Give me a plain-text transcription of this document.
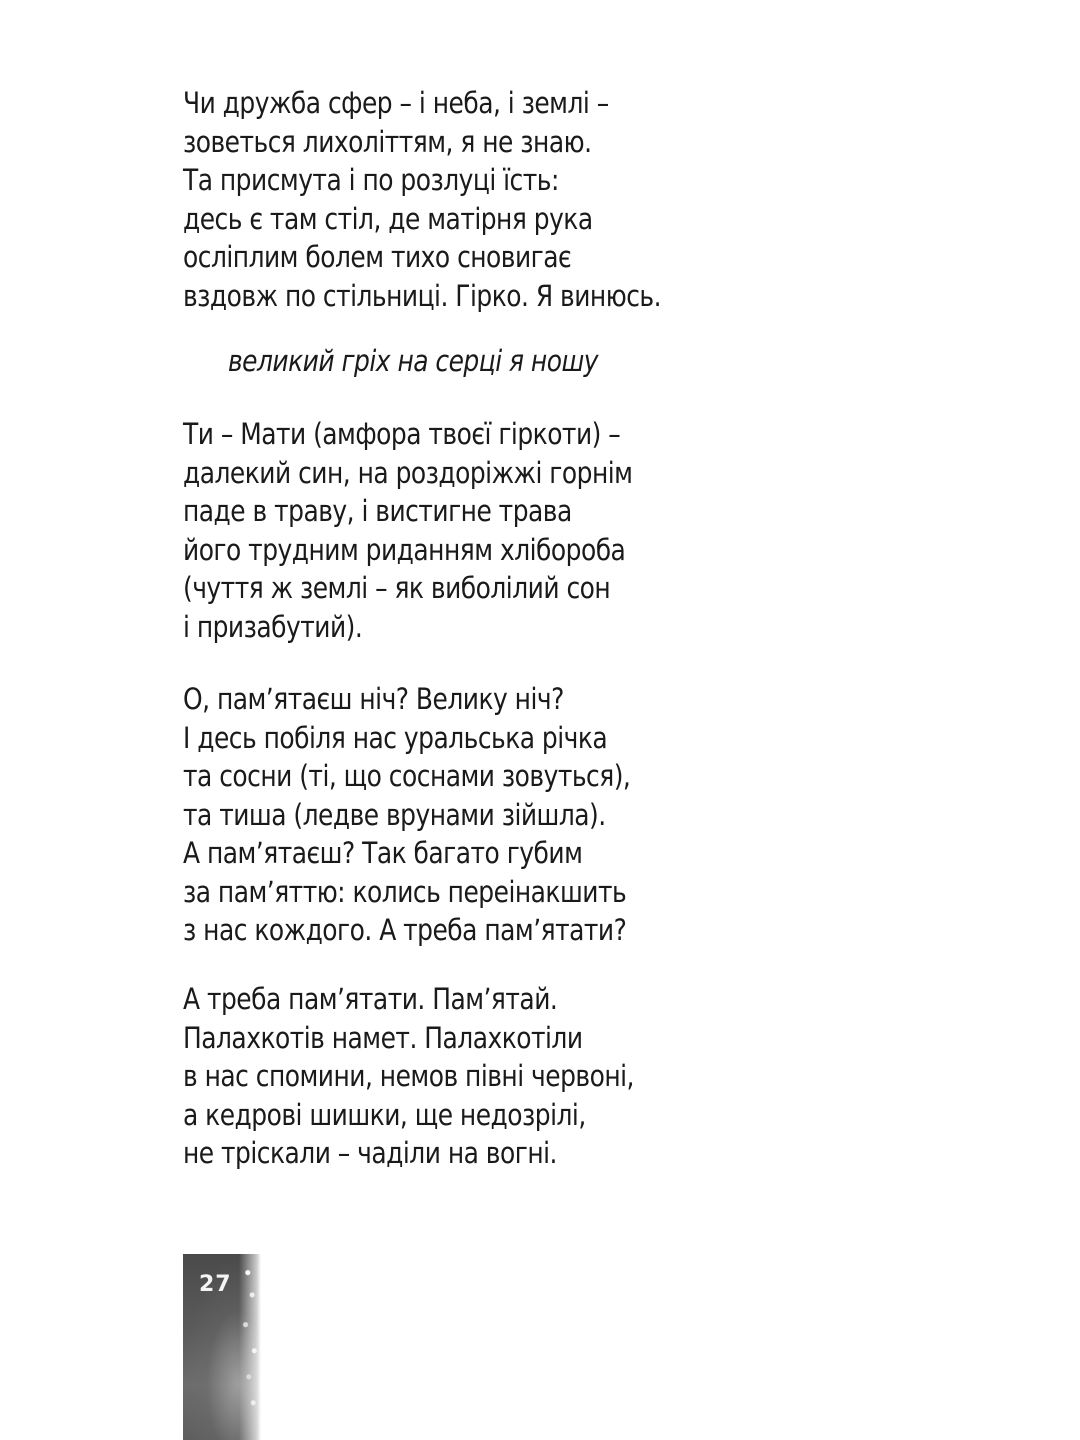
Чи дружба сфер – і неба, і землі –
зоветься лихоліттям, я не знаю.
Та присмута і по розлуці їсть:
десь є там стіл, де матірня рука
осліплим болем тихо сновигає
вздовж по стільниці. Гірко. Я винюсь.
Ти – Мати (амфора твоєї гіркоти) –
далекий син, на роздоріжжі горнім
паде в траву, і вистигне трава
його трудним риданням хлібороба
(чуття ж землі – як виболілий сон
і призабутий).
О, пам’ятаєш ніч? Велику ніч?
І десь побіля нас уральська річка
та сосни (ті, що соснами зовуться),
та тиша (ледве врунами зійшла).
А пам’ятаєш? Так багато губим
за пам’яттю: колись переінакшить
з нас кождого. А треба пам’ятати?
А треба пам’ятати. Пам’ятай.
Палахкотів намет. Палахкотіли
в нас спомини, немов півні червоні,
а кедрові шишки, ще недозрілі,
не тріскали – чаділи на вогні.
великий гріх на серці я ношу
27
